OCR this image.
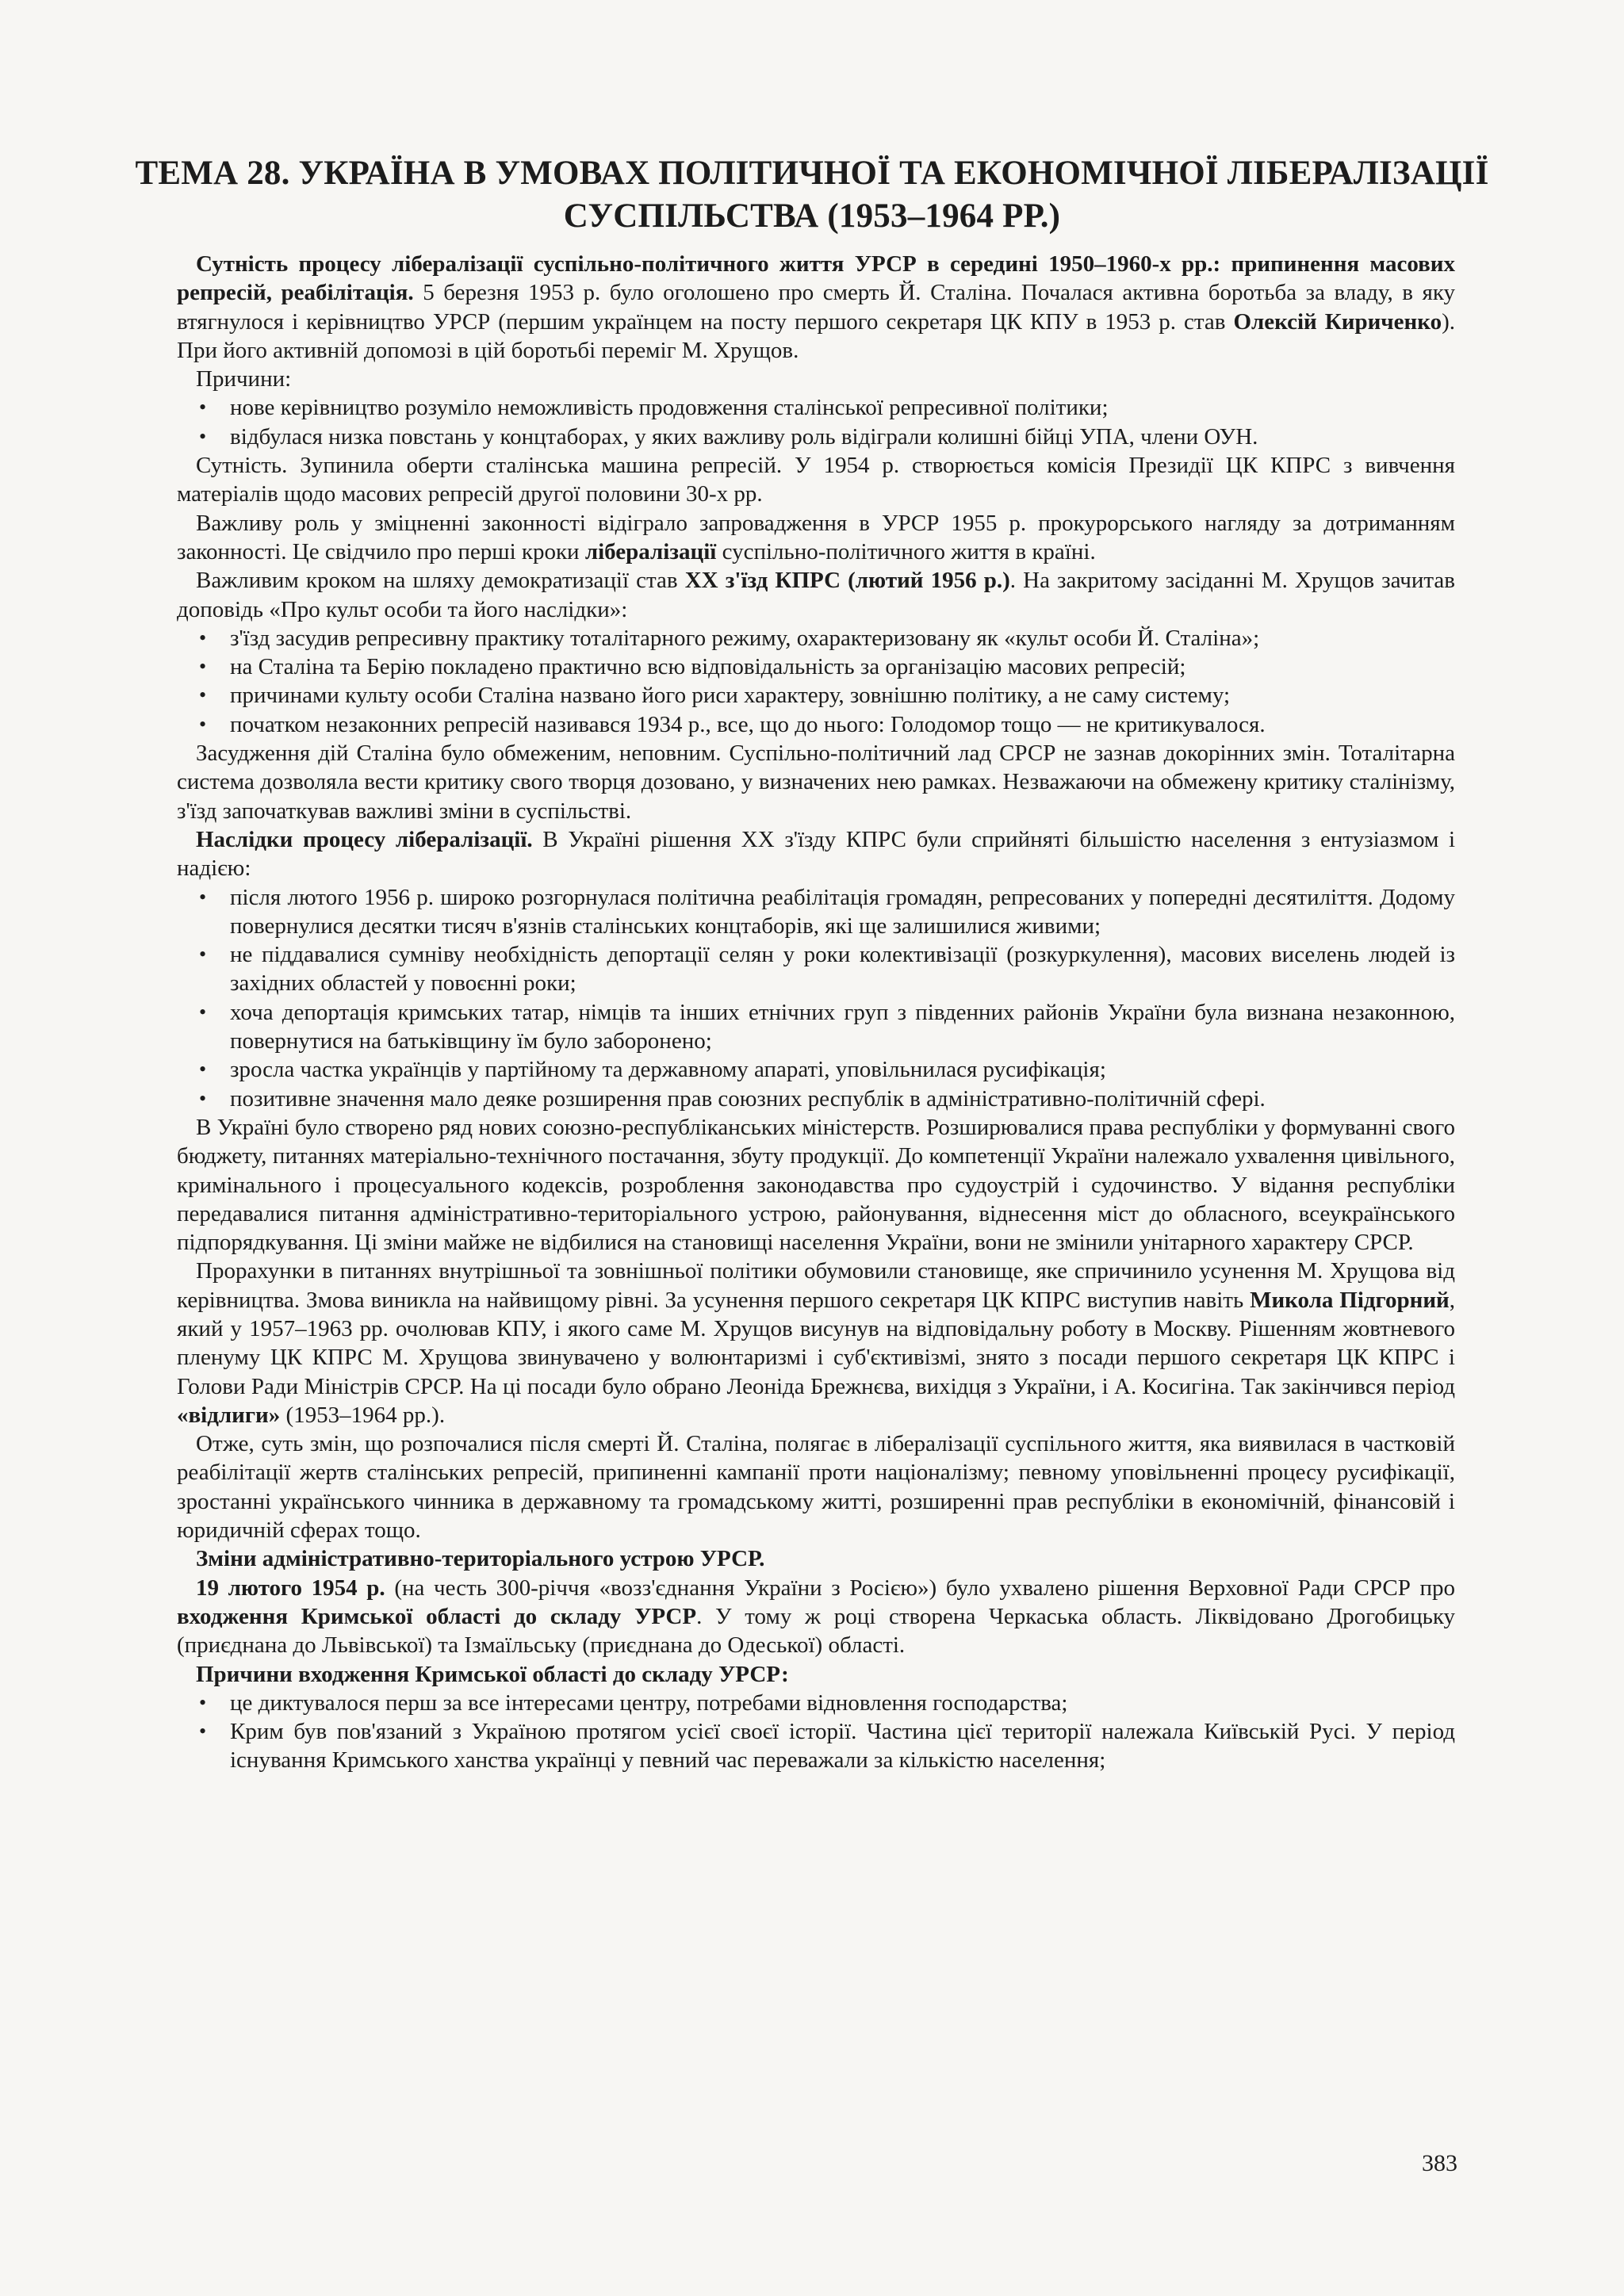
ТЕМА 28. УКРАЇНА В УМОВАХ ПОЛІТИЧНОЇ ТА ЕКОНОМІЧНОЇ ЛІБЕРАЛІЗАЦІЇ
СУСПІЛЬСТВА (1953–1964 РР.)

Сутність процесу лібералізації суспільно-політичного життя УРСР в середині 1950–1960-х рр.: припинення масових репресій, реабілітація. 5 березня 1953 р. було оголошено про смерть Й. Сталіна. Почалася активна боротьба за владу, в яку втягнулося і керівництво УРСР (першим українцем на посту першого секретаря ЦК КПУ в 1953 р. став Олексій Кириченко). При його активній допомозі в цій боротьбі переміг М. Хрущов.

Причини:

• нове керівництво розуміло неможливість продовження сталінської репресивної політики;
• відбулася низка повстань у концтаборах, у яких важливу роль відіграли колишні бійці УПА, члени ОУН.

Сутність. Зупинила оберти сталінська машина репресій. У 1954 р. створюється комісія Президії ЦК КПРС з вивчення матеріалів щодо масових репресій другої половини 30-х рр.

Важливу роль у зміцненні законності відіграло запровадження в УРСР 1955 р. прокурорського нагляду за дотриманням законності. Це свідчило про перші кроки лібералізації суспільно-політичного життя в країні.

Важливим кроком на шляху демократизації став ХХ з'їзд КПРС (лютий 1956 р.). На закритому засіданні М. Хрущов зачитав доповідь «Про культ особи та його наслідки»:

• з'їзд засудив репресивну практику тоталітарного режиму, охарактеризовану як «культ особи Й. Сталіна»;
• на Сталіна та Берію покладено практично всю відповідальність за організацію масових репресій;
• причинами культу особи Сталіна названо його риси характеру, зовнішню політику, а не саму систему;
• початком незаконних репресій називався 1934 р., все, що до нього: Голодомор тощо — не критикувалося.

Засудження дій Сталіна було обмеженим, неповним. Суспільно-політичний лад СРСР не зазнав докорінних змін. Тоталітарна система дозволяла вести критику свого творця дозовано, у визначених нею рамках. Незважаючи на обмежену критику сталінізму, з'їзд започаткував важливі зміни в суспільстві.

Наслідки процесу лібералізації. В Україні рішення ХХ з'їзду КПРС були сприйняті більшістю населення з ентузіазмом і надією:

• після лютого 1956 р. широко розгорнулася політична реабілітація громадян, репресованих у попередні десятиліття. Додому повернулися десятки тисяч в'язнів сталінських концтаборів, які ще залишилися живими;
• не піддавалися сумніву необхідність депортації селян у роки колективізації (розкуркулення), масових виселень людей із західних областей у повоєнні роки;
• хоча депортація кримських татар, німців та інших етнічних груп з південних районів України була визнана незаконною, повернутися на батьківщину їм було заборонено;
• зросла частка українців у партійному та державному апараті, уповільнилася русифікація;
• позитивне значення мало деяке розширення прав союзних республік в адміністративно-політичній сфері.

В Україні було створено ряд нових союзно-республіканських міністерств. Розширювалися права республіки у формуванні свого бюджету, питаннях матеріально-технічного постачання, збуту продукції. До компетенції України належало ухвалення цивільного, кримінального і процесуального кодексів, розроблення законодавства про судоустрій і судочинство. У відання республіки передавалися питання адміністративно-територіального устрою, районування, віднесення міст до обласного, всеукраїнського підпорядкування. Ці зміни майже не відбилися на становищі населення України, вони не змінили унітарного характеру СРСР.

Прорахунки в питаннях внутрішньої та зовнішньої політики обумовили становище, яке спричинило усунення М. Хрущова від керівництва. Змова виникла на найвищому рівні. За усунення першого секретаря ЦК КПРС виступив навіть Микола Підгорний, який у 1957–1963 рр. очолював КПУ, і якого саме М. Хрущов висунув на відповідальну роботу в Москву. Рішенням жовтневого пленуму ЦК КПРС М. Хрущова звинувачено у волюнтаризмі і суб'єктивізмі, знято з посади першого секретаря ЦК КПРС і Голови Ради Міністрів СРСР. На ці посади було обрано Леоніда Брежнєва, вихідця з України, і А. Косигіна. Так закінчився період «відлиги» (1953–1964 рр.).

Отже, суть змін, що розпочалися після смерті Й. Сталіна, полягає в лібералізації суспільного життя, яка виявилася в частковій реабілітації жертв сталінських репресій, припиненні кампанії проти націоналізму; певному уповільненні процесу русифікації, зростанні українського чинника в державному та громадському житті, розширенні прав республіки в економічній, фінансовій і юридичній сферах тощо.

Зміни адміністративно-територіального устрою УРСР.

19 лютого 1954 р. (на честь 300-річчя «возз'єднання України з Росією») було ухвалено рішення Верховної Ради СРСР про входження Кримської області до складу УРСР. У тому ж році створена Черкаська область. Ліквідовано Дрогобицьку (приєднана до Львівської) та Ізмаїльську (приєднана до Одеської) області.

Причини входження Кримської області до складу УРСР:

• це диктувалося перш за все інтересами центру, потребами відновлення господарства;
• Крим був пов'язаний з Україною протягом усієї своєї історії. Частина цієї території належала Київській Русі. У період існування Кримського ханства українці у певний час переважали за кількістю населення;
383
